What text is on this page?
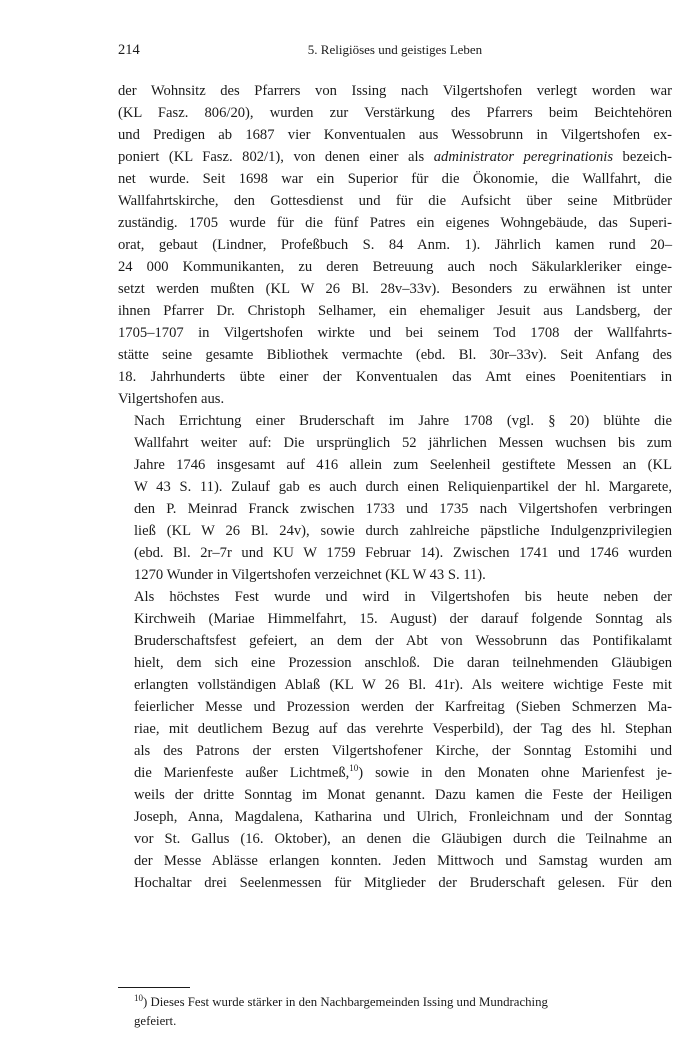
214	5. Religiöses und geistiges Leben

der Wohnsitz des Pfarrers von Issing nach Vilgertshofen verlegt worden war
(KL Fasz. 806/20), wurden zur Verstärkung des Pfarrers beim Beichtehören
und Predigen ab 1687 vier Konventualen aus Wessobrunn in Vilgertshofen ex-
poniert (KL Fasz. 802/1), von denen einer als administrator peregrinationis bezeich-
net wurde. Seit 1698 war ein Superior für die Ökonomie, die Wallfahrt, die
Wallfahrtskirche, den Gottesdienst und für die Aufsicht über seine Mitbrüder
zuständig. 1705 wurde für die fünf Patres ein eigenes Wohngebäude, das Superi-
orat, gebaut (Lindner, Profeßbuch S. 84 Anm. 1). Jährlich kamen rund 20–
24 000 Kommunikanten, zu deren Betreuung auch noch Säkularkleriker einge-
setzt werden mußten (KL W 26 Bl. 28v–33v). Besonders zu erwähnen ist unter
ihnen Pfarrer Dr. Christoph Selhamer, ein ehemaliger Jesuit aus Landsberg, der
1705–1707 in Vilgertshofen wirkte und bei seinem Tod 1708 der Wallfahrts-
stätte seine gesamte Bibliothek vermachte (ebd. Bl. 30r–33v). Seit Anfang des
18. Jahrhunderts übte einer der Konventualen das Amt eines Poenitentiars in
Vilgertshofen aus.

Nach Errichtung einer Bruderschaft im Jahre 1708 (vgl. § 20) blühte die
Wallfahrt weiter auf: Die ursprünglich 52 jährlichen Messen wuchsen bis zum
Jahre 1746 insgesamt auf 416 allein zum Seelenheil gestiftete Messen an (KL
W 43 S. 11). Zulauf gab es auch durch einen Reliquienpartikel der hl. Margarete,
den P. Meinrad Franck zwischen 1733 und 1735 nach Vilgertshofen verbringen
ließ (KL W 26 Bl. 24v), sowie durch zahlreiche päpstliche Indulgenzprivilegien
(ebd. Bl. 2r–7r und KU W 1759 Februar 14). Zwischen 1741 und 1746 wurden
1270 Wunder in Vilgertshofen verzeichnet (KL W 43 S. 11).

Als höchstes Fest wurde und wird in Vilgertshofen bis heute neben der
Kirchweih (Mariae Himmelfahrt, 15. August) der darauf folgende Sonntag als
Bruderschaftsfest gefeiert, an dem der Abt von Wessobrunn das Pontifikalamt
hielt, dem sich eine Prozession anschloß. Die daran teilnehmenden Gläubigen
erlangten vollständigen Ablaß (KL W 26 Bl. 41r). Als weitere wichtige Feste mit
feierlicher Messe und Prozession werden der Karfreitag (Sieben Schmerzen Ma-
riae, mit deutlichem Bezug auf das verehrte Vesperbild), der Tag des hl. Stephan
als des Patrons der ersten Vilgertshofener Kirche, der Sonntag Estomihi und
die Marienfeste außer Lichtmeß,$^{10}$) sowie in den Monaten ohne Marienfest je-
weils der dritte Sonntag im Monat genannt. Dazu kamen die Feste der Heiligen
Joseph, Anna, Magdalena, Katharina und Ulrich, Fronleichnam und der Sonntag
vor St. Gallus (16. Oktober), an denen die Gläubigen durch die Teilnahme an
der Messe Ablässe erlangen konnten. Jeden Mittwoch und Samstag wurden am
Hochaltar drei Seelenmessen für Mitglieder der Bruderschaft gelesen. Für den

$^{10}$) Dieses Fest wurde stärker in den Nachbargemeinden Issing und Mundraching
gefeiert.
